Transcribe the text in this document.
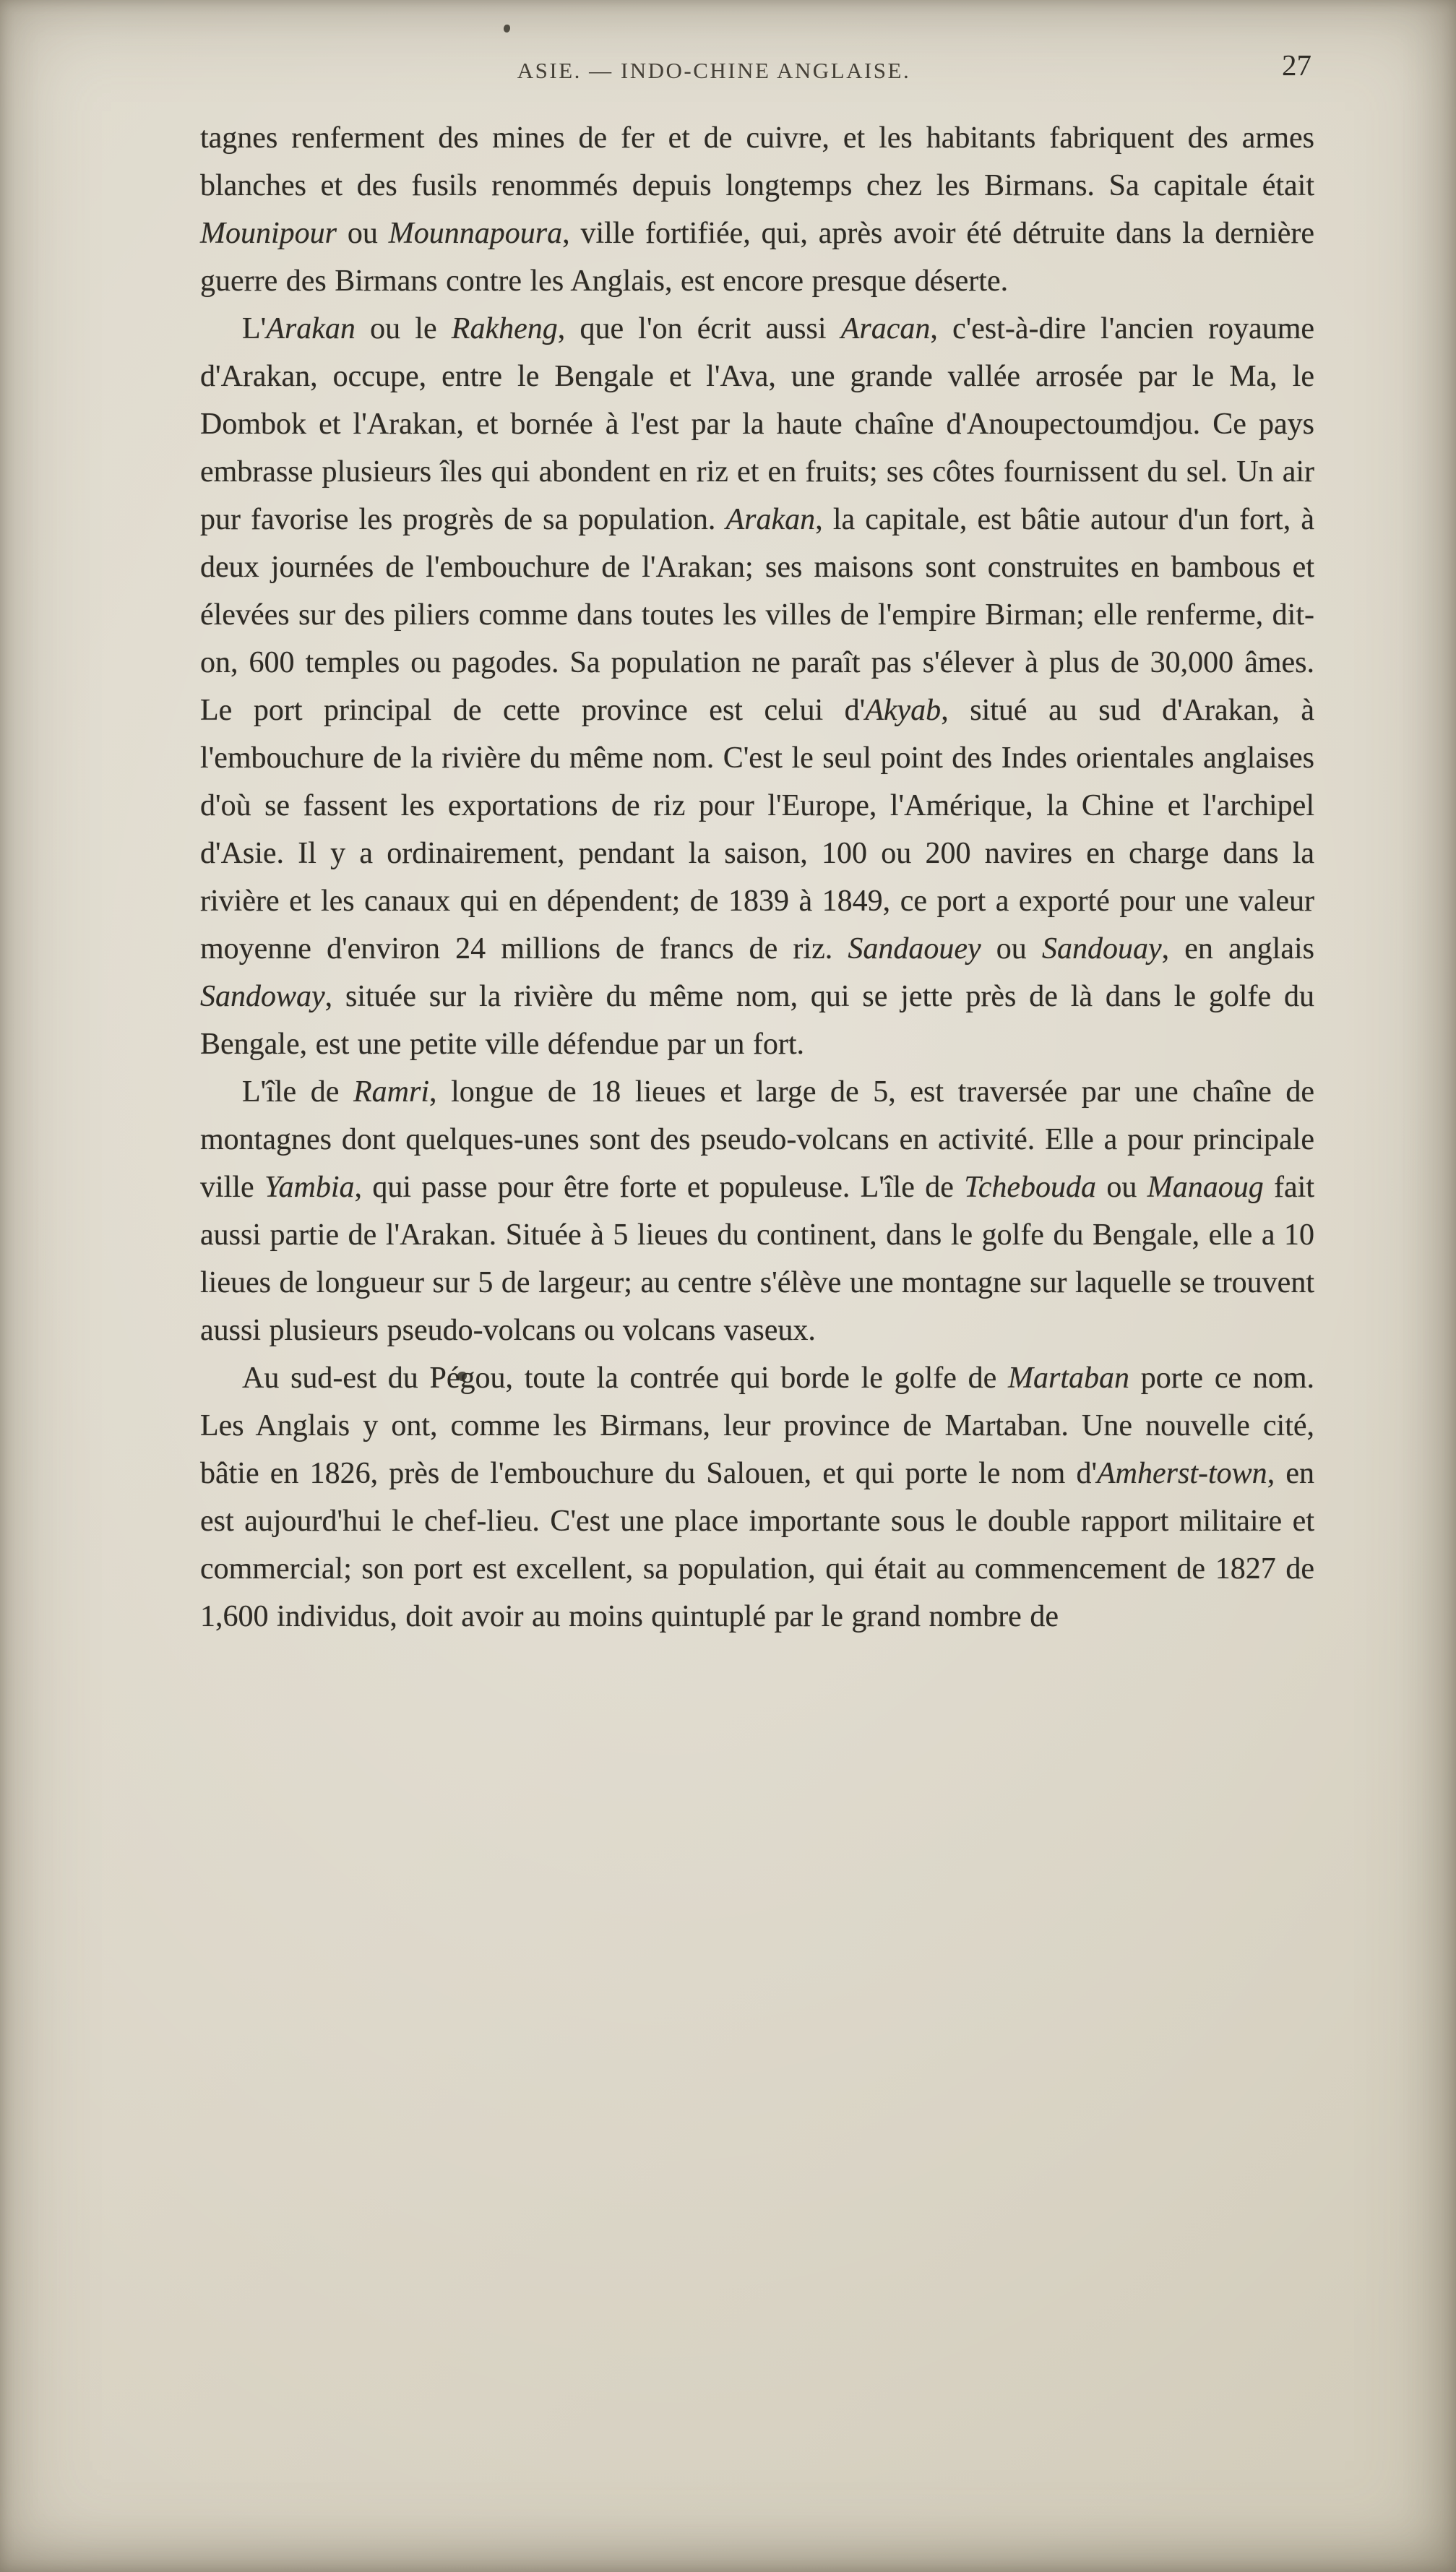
ASIE. — INDO-CHINE ANGLAISE.	27

tagnes renferment des mines de fer et de cuivre, et les habitants fabriquent des armes blanches et des fusils renommés depuis longtemps chez les Birmans. Sa capitale était Mounipour ou Mounnapoura, ville fortifiée, qui, après avoir été détruite dans la dernière guerre des Birmans contre les Anglais, est encore presque déserte.

L'Arakan ou le Rakheng, que l'on écrit aussi Aracan, c'est-à-dire l'ancien royaume d'Arakan, occupe, entre le Bengale et l'Ava, une grande vallée arrosée par le Ma, le Dombok et l'Arakan, et bornée à l'est par la haute chaîne d'Anoupectoumdjou. Ce pays embrasse plusieurs îles qui abondent en riz et en fruits; ses côtes fournissent du sel. Un air pur favorise les progrès de sa population. Arakan, la capitale, est bâtie autour d'un fort, à deux journées de l'embouchure de l'Arakan; ses maisons sont construites en bambous et élevées sur des piliers comme dans toutes les villes de l'empire Birman; elle renferme, dit-on, 600 temples ou pagodes. Sa population ne paraît pas s'élever à plus de 30,000 âmes. Le port principal de cette province est celui d'Akyab, situé au sud d'Arakan, à l'embouchure de la rivière du même nom. C'est le seul point des Indes orientales anglaises d'où se fassent les exportations de riz pour l'Europe, l'Amérique, la Chine et l'archipel d'Asie. Il y a ordinairement, pendant la saison, 100 ou 200 navires en charge dans la rivière et les canaux qui en dépendent; de 1839 à 1849, ce port a exporté pour une valeur moyenne d'environ 24 millions de francs de riz. Sandaouey ou Sandouay, en anglais Sandoway, située sur la rivière du même nom, qui se jette près de là dans le golfe du Bengale, est une petite ville défendue par un fort.

L'île de Ramri, longue de 18 lieues et large de 5, est traversée par une chaîne de montagnes dont quelques-unes sont des pseudo-volcans en activité. Elle a pour principale ville Yambia, qui passe pour être forte et populeuse. L'île de Tchebouda ou Manaoug fait aussi partie de l'Arakan. Située à 5 lieues du continent, dans le golfe du Bengale, elle a 10 lieues de longueur sur 5 de largeur; au centre s'élève une montagne sur laquelle se trouvent aussi plusieurs pseudo-volcans ou volcans vaseux.

Au sud-est du Pégou, toute la contrée qui borde le golfe de Martaban porte ce nom. Les Anglais y ont, comme les Birmans, leur province de Martaban. Une nouvelle cité, bâtie en 1826, près de l'embouchure du Salouen, et qui porte le nom d'Amherst-town, en est aujourd'hui le chef-lieu. C'est une place importante sous le double rapport militaire et commercial; son port est excellent, sa population, qui était au commencement de 1827 de 1,600 individus, doit avoir au moins quintuplé par le grand nombre de
